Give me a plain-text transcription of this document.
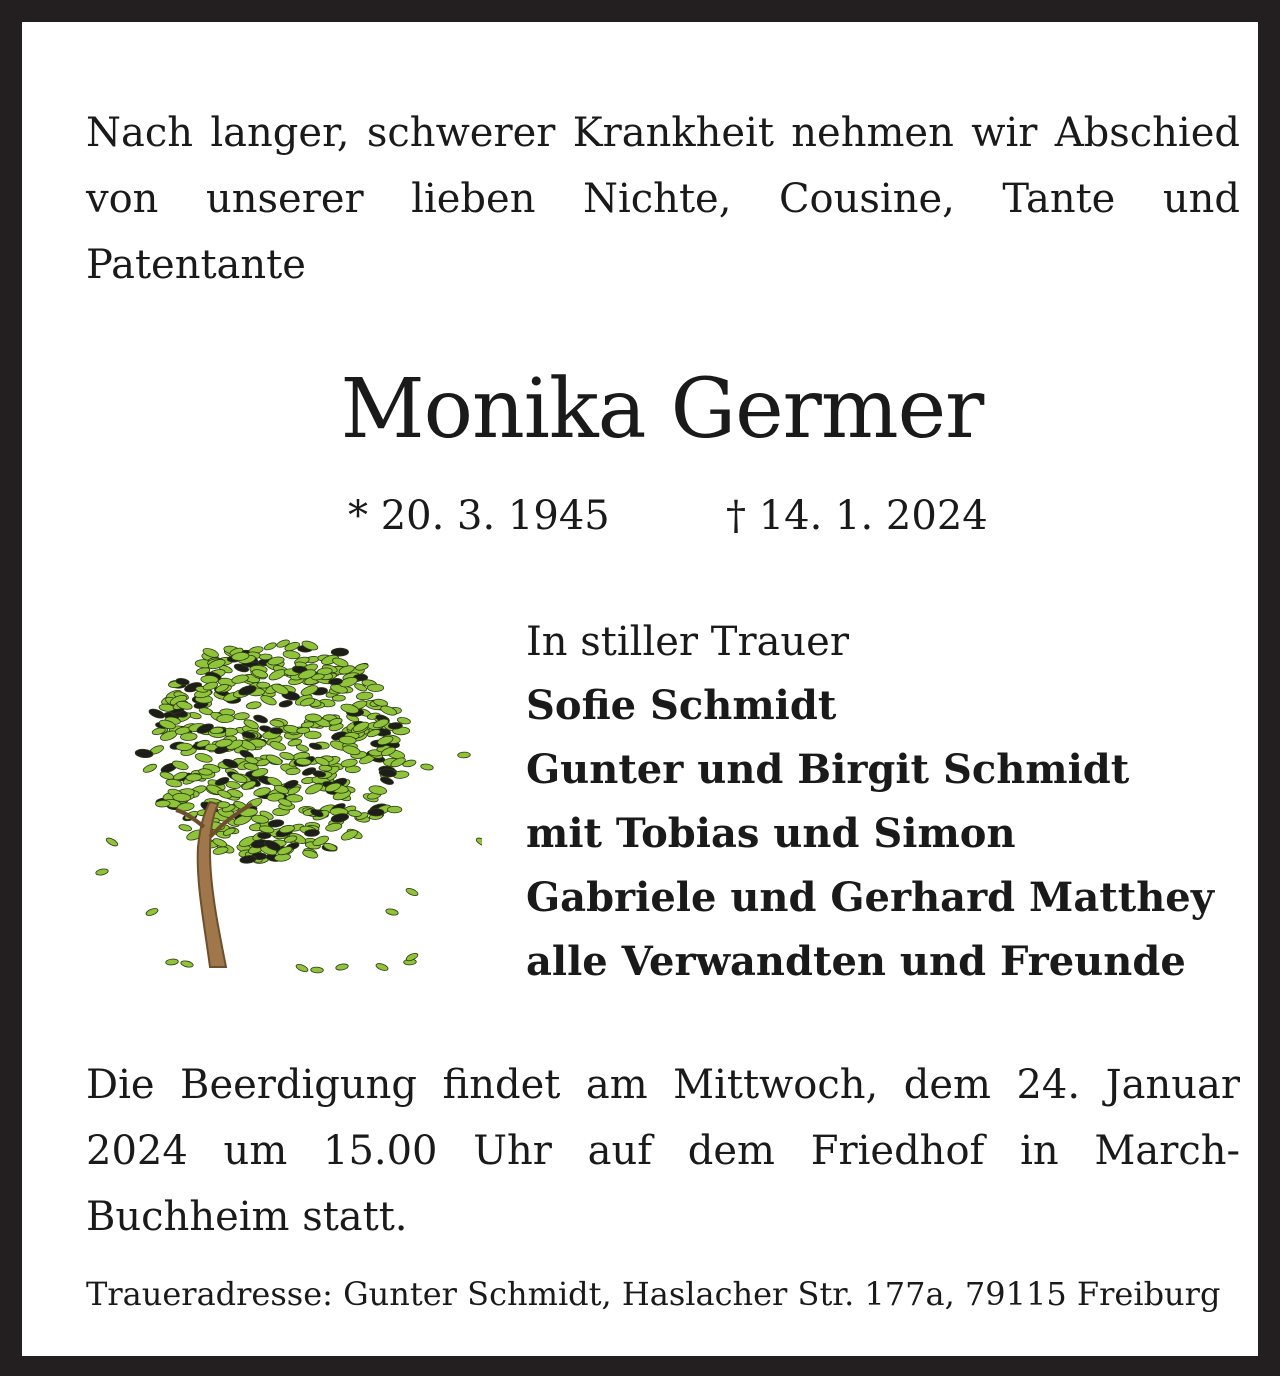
Nach langer, schwerer Krankheit nehmen wir Abschied von unserer lieben Nichte, Cousine, Tante und Patentante

Monika Germer
* 20. 3. 1945	† 14. 1. 2024
In stiller Trauer
Sofie Schmidt
Gunter und Birgit Schmidt
mit Tobias und Simon
Gabriele und Gerhard Matthey
alle Verwandten und Freunde

Die Beerdigung findet am Mittwoch, dem 24. Januar 2024 um 15.00 Uhr auf dem Friedhof in March-Buchheim statt.

Traueradresse: Gunter Schmidt, Haslacher Str. 177a, 79115 Freiburg
